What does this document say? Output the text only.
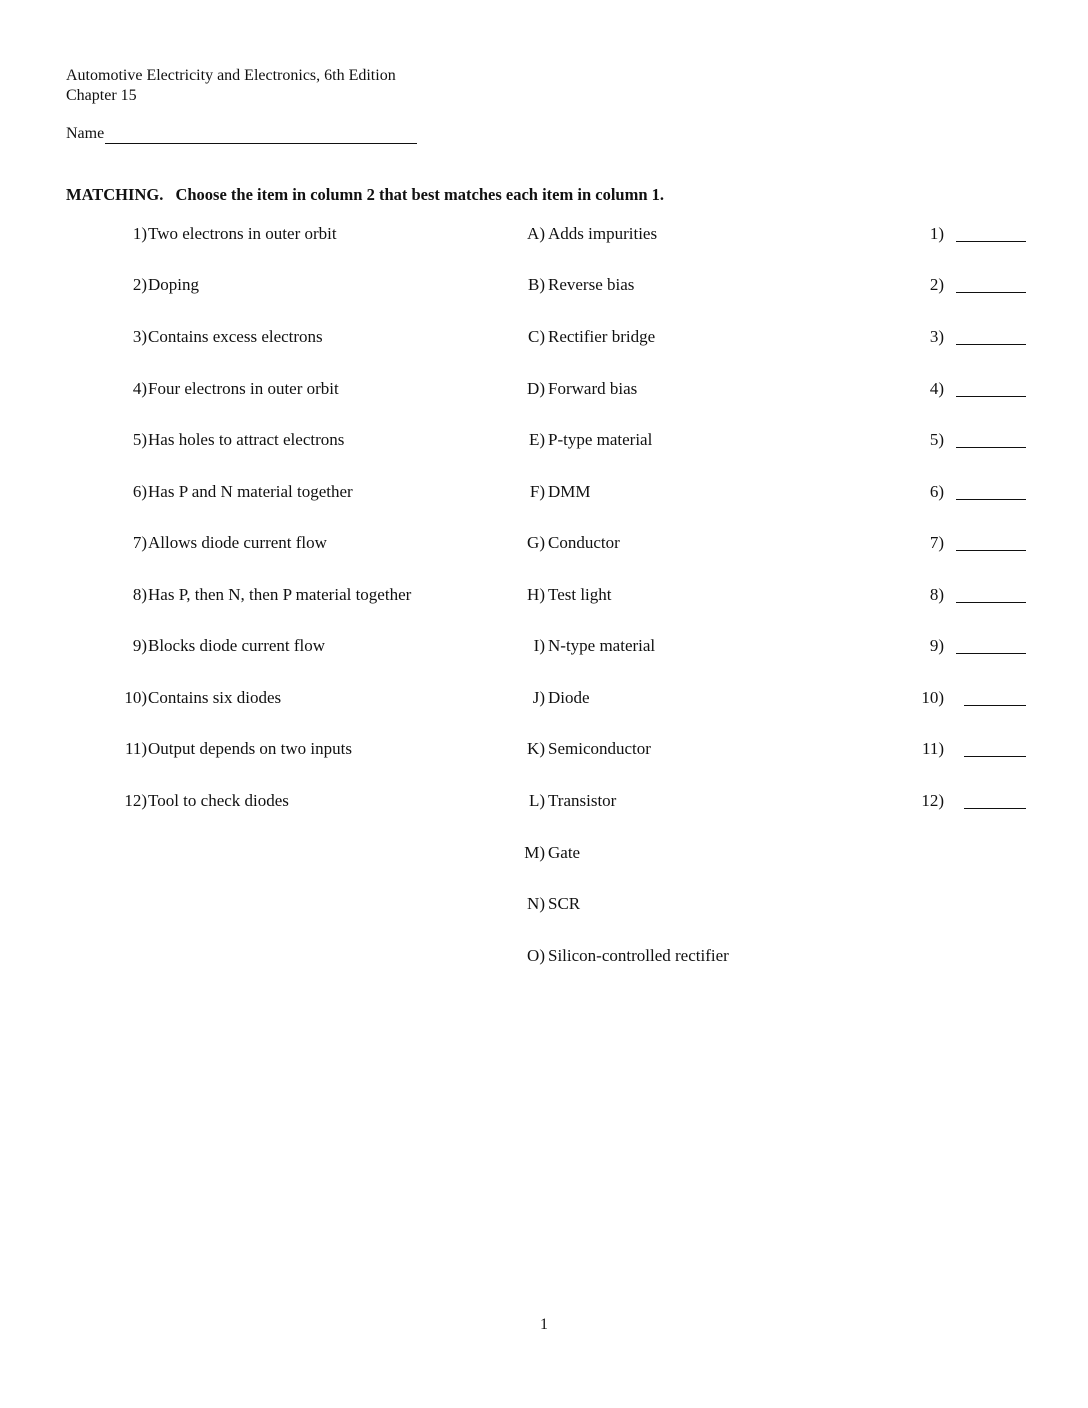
Automotive Electricity and Electronics, 6th Edition
Chapter 15
Name
MATCHING. Choose the item in column 2 that best matches each item in column 1.
1) Two electrons in outer orbit	A) Adds impurities	1)
2) Doping	B) Reverse bias	2)
3) Contains excess electrons	C) Rectifier bridge	3)
4) Four electrons in outer orbit	D) Forward bias	4)
5) Has holes to attract electrons	E) P-type material	5)
6) Has P and N material together	F) DMM	6)
7) Allows diode current flow	G) Conductor	7)
8) Has P, then N, then P material together	H) Test light	8)
9) Blocks diode current flow	I) N-type material	9)
10) Contains six diodes	J) Diode	10)
11) Output depends on two inputs	K) Semiconductor	11)
12) Tool to check diodes	L) Transistor	12)
M) Gate
N) SCR
O) Silicon-controlled rectifier
1
